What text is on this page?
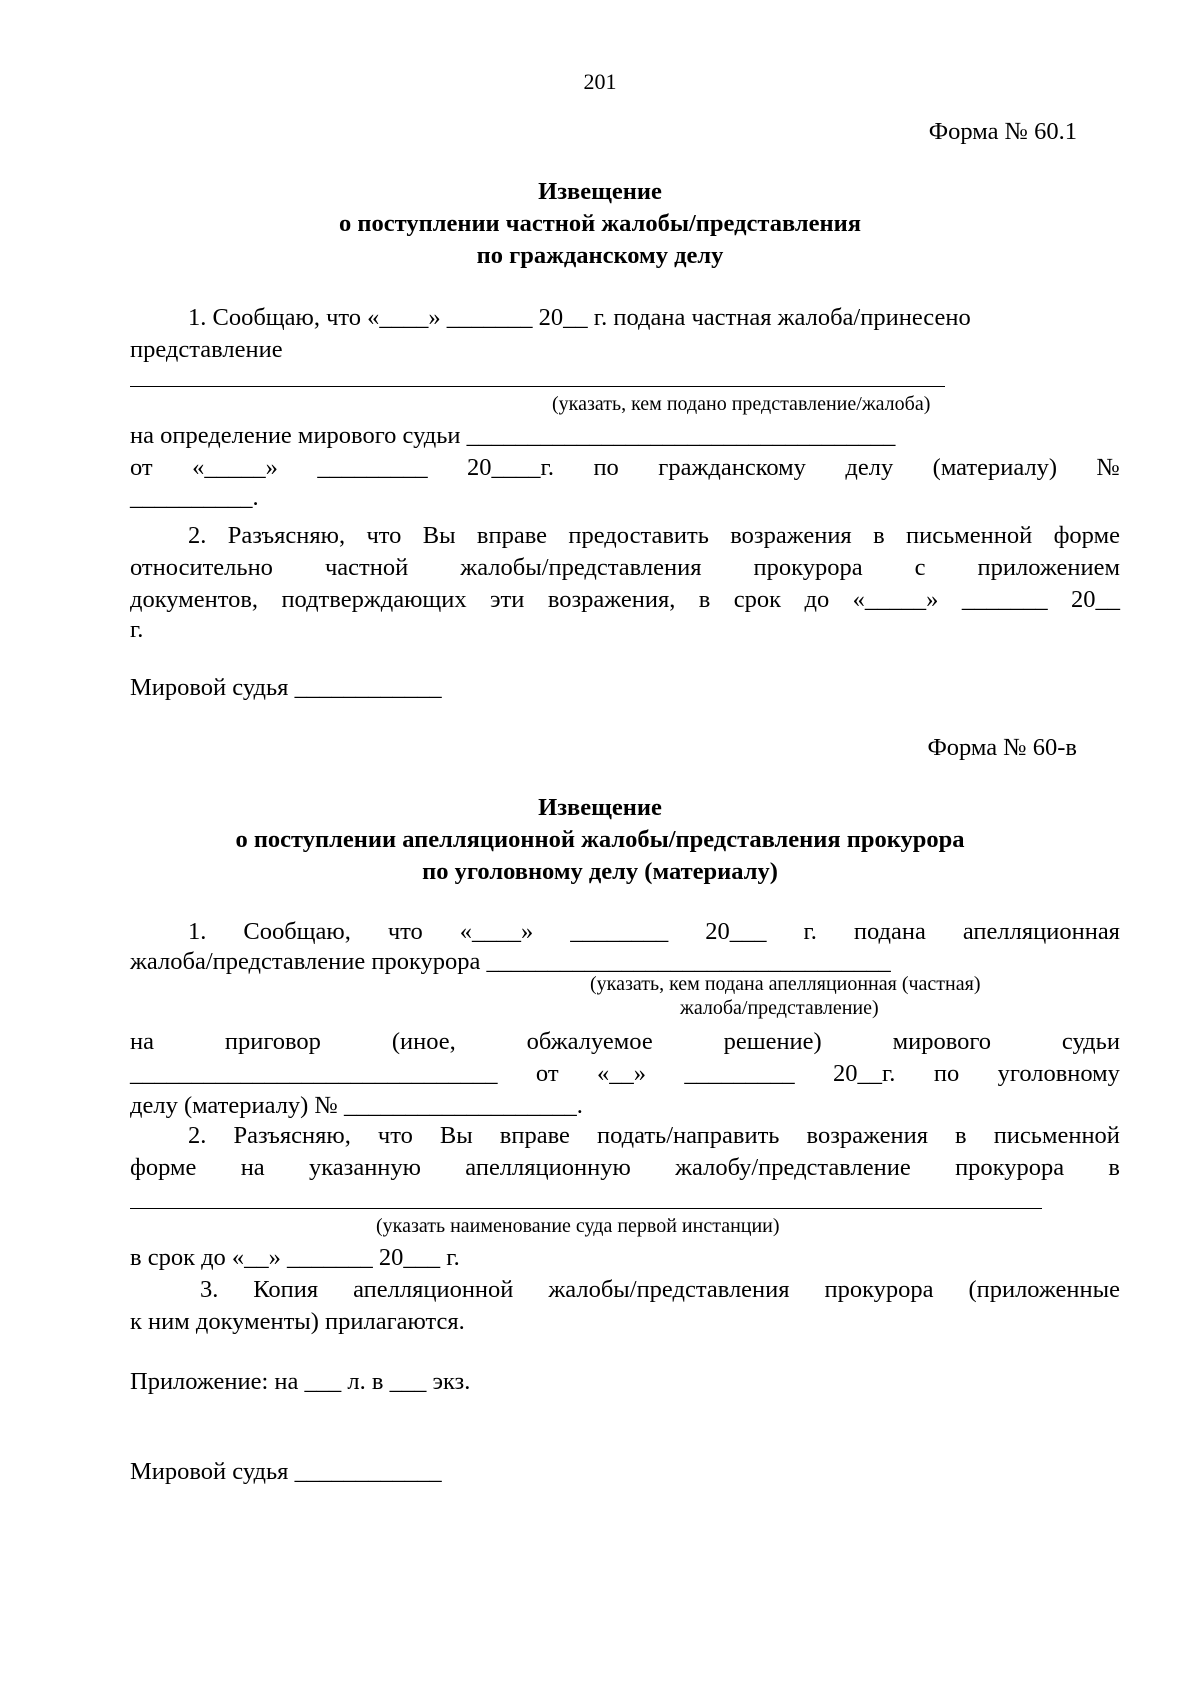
201
Форма № 60.1
Извещение
о поступлении частной жалобы/представления
по гражданскому делу
1. Сообщаю, что «____» _______ 20__ г. подана частная жалоба/принесено
представление
(указать, кем подано представление/жалоба)
на определение мирового судьи ___________________________________
от «_____» _________ 20____г. по гражданскому делу (материалу) №
__________.
2. Разъясняю, что Вы вправе предоставить возражения в письменной форме
относительно частной жалобы/представления прокурора с приложением
документов, подтверждающих эти возражения, в срок до «_____» _______ 20__
г.
Мировой судья ____________
Форма № 60-в
Извещение
о поступлении апелляционной жалобы/представления прокурора
по уголовному делу (материалу)
1. Сообщаю, что «____» ________ 20___ г. подана апелляционная
жалоба/представление прокурора _________________________________
(указать, кем подана апелляционная (частная)
жалоба/представление)
на	приговор	(иное,	обжалуемое	решение)	мирового	судьи
______________________________ от «__» _________ 20__г. по уголовному
делу (материалу) № ___________________.
2. Разъясняю, что Вы вправе подать/направить возражения в письменной
форме на указанную апелляционную жалобу/представление прокурора в
(указать наименование суда первой инстанции)
в срок до «__» _______ 20___ г.
3. Копия апелляционной жалобы/представления прокурора (приложенные
к ним документы) прилагаются.
Приложение: на ___ л. в ___ экз.
Мировой судья ____________
